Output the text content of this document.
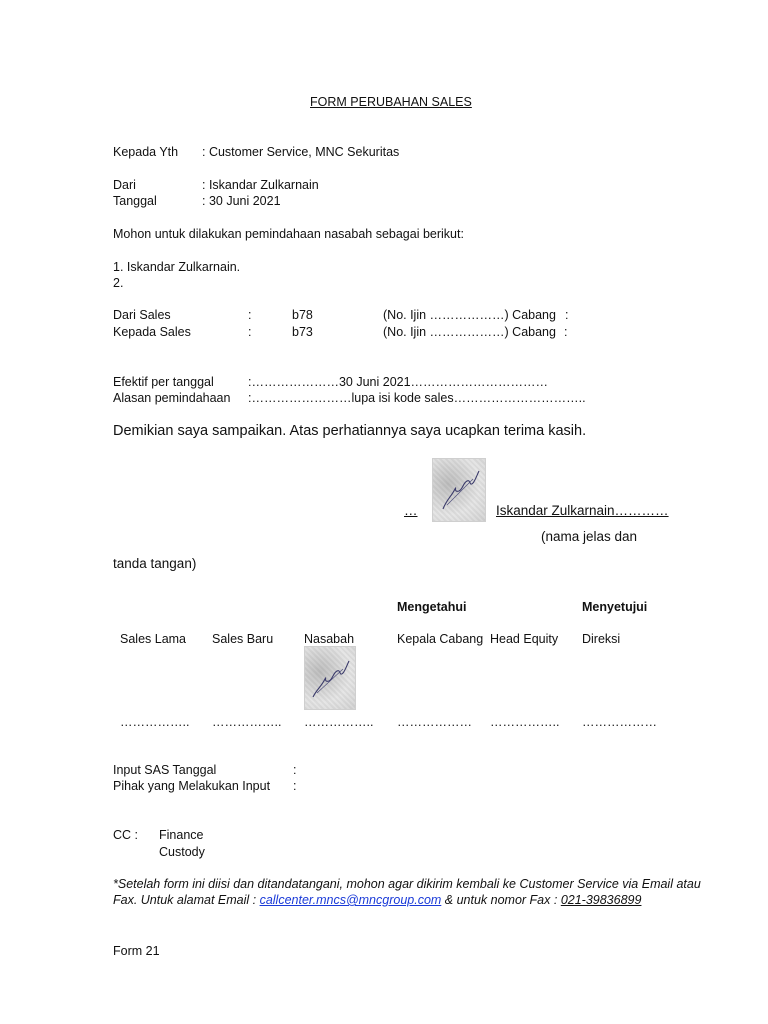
FORM PERUBAHAN SALES
Kepada Yth : Customer Service, MNC Sekuritas
Dari	: Iskandar Zulkarnain
Tanggal	: 30 Juni 2021
Mohon untuk dilakukan pemindahaan nasabah sebagai berikut:
1. Iskandar Zulkarnain.
2.
Dari Sales	:	b78	(No. Ijin ………………) Cabang :
Kepada Sales	:	b73	(No. Ijin ………………) Cabang :
Efektif per tanggal	:…………………30 Juni 2021……………………………
Alasan pemindahaan :……………………lupa isi kode sales…………………………..
Demikian saya sampaikan. Atas perhatiannya saya ucapkan terima kasih.
…	Iskandar Zulkarnain…………
(nama jelas dan
tanda tangan)
Mengetahui	Menyetujui
Sales Lama Sales Baru Nasabah	Kepala Cabang Head Equity Direksi
…………….. …………….. …………….. ……………… …………….. ………………
Input SAS Tanggal	:
Pihak yang Melakukan Input :
CC : Finance
Custody
*Setelah form ini diisi dan ditandatangani, mohon agar dikirim kembali ke Customer Service via Email atau
Fax. Untuk alamat Email : callcenter.mncs@mncgroup.com & untuk nomor Fax : 021-39836899
Form 21
